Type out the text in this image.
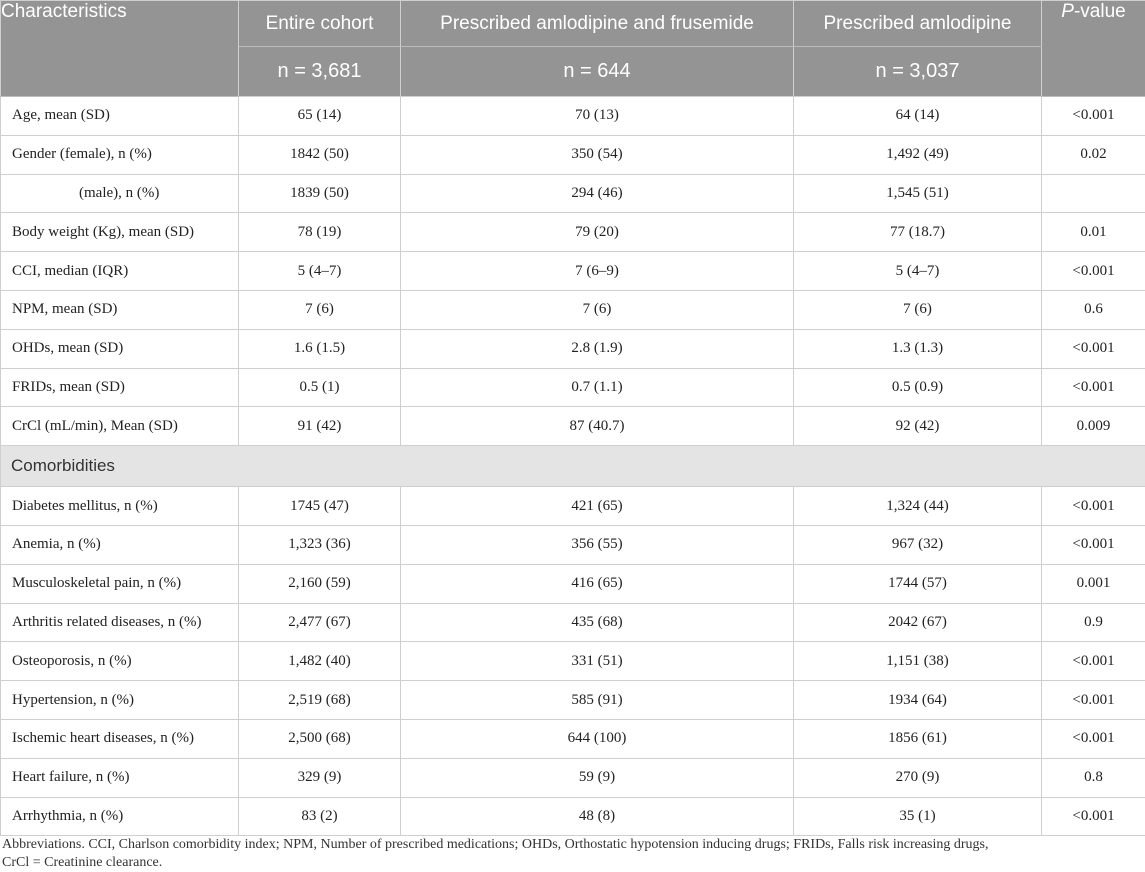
Characteristics	Entire cohort	Prescribed amlodipine and frusemide	Prescribed amlodipine	P-value
	n = 3,681	n = 644	n = 3,037	
Age, mean (SD)	65 (14)	70 (13)	64 (14)	<0.001
Gender (female), n (%)	1842 (50)	350 (54)	1,492 (49)	0.02
(male), n (%)	1839 (50)	294 (46)	1,545 (51)	
Body weight (Kg), mean (SD)	78 (19)	79 (20)	77 (18.7)	0.01
CCI, median (IQR)	5 (4–7)	7 (6–9)	5 (4–7)	<0.001
NPM, mean (SD)	7 (6)	7 (6)	7 (6)	0.6
OHDs, mean (SD)	1.6 (1.5)	2.8 (1.9)	1.3 (1.3)	<0.001
FRIDs, mean (SD)	0.5 (1)	0.7 (1.1)	0.5 (0.9)	<0.001
CrCl (mL/min), Mean (SD)	91 (42)	87 (40.7)	92 (42)	0.009
Comorbidities				
Diabetes mellitus, n (%)	1745 (47)	421 (65)	1,324 (44)	<0.001
Anemia, n (%)	1,323 (36)	356 (55)	967 (32)	<0.001
Musculoskeletal pain, n (%)	2,160 (59)	416 (65)	1744 (57)	0.001
Arthritis related diseases, n (%)	2,477 (67)	435 (68)	2042 (67)	0.9
Osteoporosis, n (%)	1,482 (40)	331 (51)	1,151 (38)	<0.001
Hypertension, n (%)	2,519 (68)	585 (91)	1934 (64)	<0.001
Ischemic heart diseases, n (%)	2,500 (68)	644 (100)	1856 (61)	<0.001
Heart failure, n (%)	329 (9)	59 (9)	270 (9)	0.8
Arrhythmia, n (%)	83 (2)	48 (8)	35 (1)	<0.001
Abbreviations. CCI, Charlson comorbidity index; NPM, Number of prescribed medications; OHDs, Orthostatic hypotension inducing drugs; FRIDs, Falls risk increasing drugs,
CrCl = Creatinine clearance.
